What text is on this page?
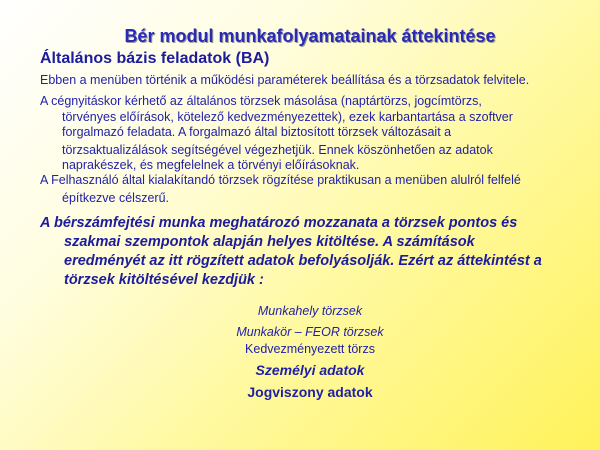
Bér modul munkafolyamatainak áttekintése
Általános bázis feladatok (BA)
Ebben a menüben történik a működési paraméterek beállítása és a törzsadatok felvitele.
A cégnyitáskor kérhető az általános törzsek másolása (naptártörzs, jogcímtörzs,
törvényes előírások, kötelező kedvezményezettek), ezek karbantartása a szoftver
forgalmazó feladata. A forgalmazó által biztosított törzsek változásait a
törzsaktualizálások segítségével végezhetjük. Ennek köszönhetően az adatok
naprakészek, és megfelelnek a törvényi előírásoknak.
A Felhasználó által kialakítandó törzsek rögzítése praktikusan a menüben alulról felfelé
építkezve célszerű.
A bérszámfejtési munka meghatározó mozzanata a törzsek pontos és

szakmai szempontok alapján helyes kitöltése. A számítások
eredményét az itt rögzített adatok befolyásolják. Ezért az áttekintést a
törzsek kitöltésével kezdjük :
Munkahely törzsek
Munkakör – FEOR törzsek
Kedvezményezett törzs
Személyi adatok
Jogviszony adatok
